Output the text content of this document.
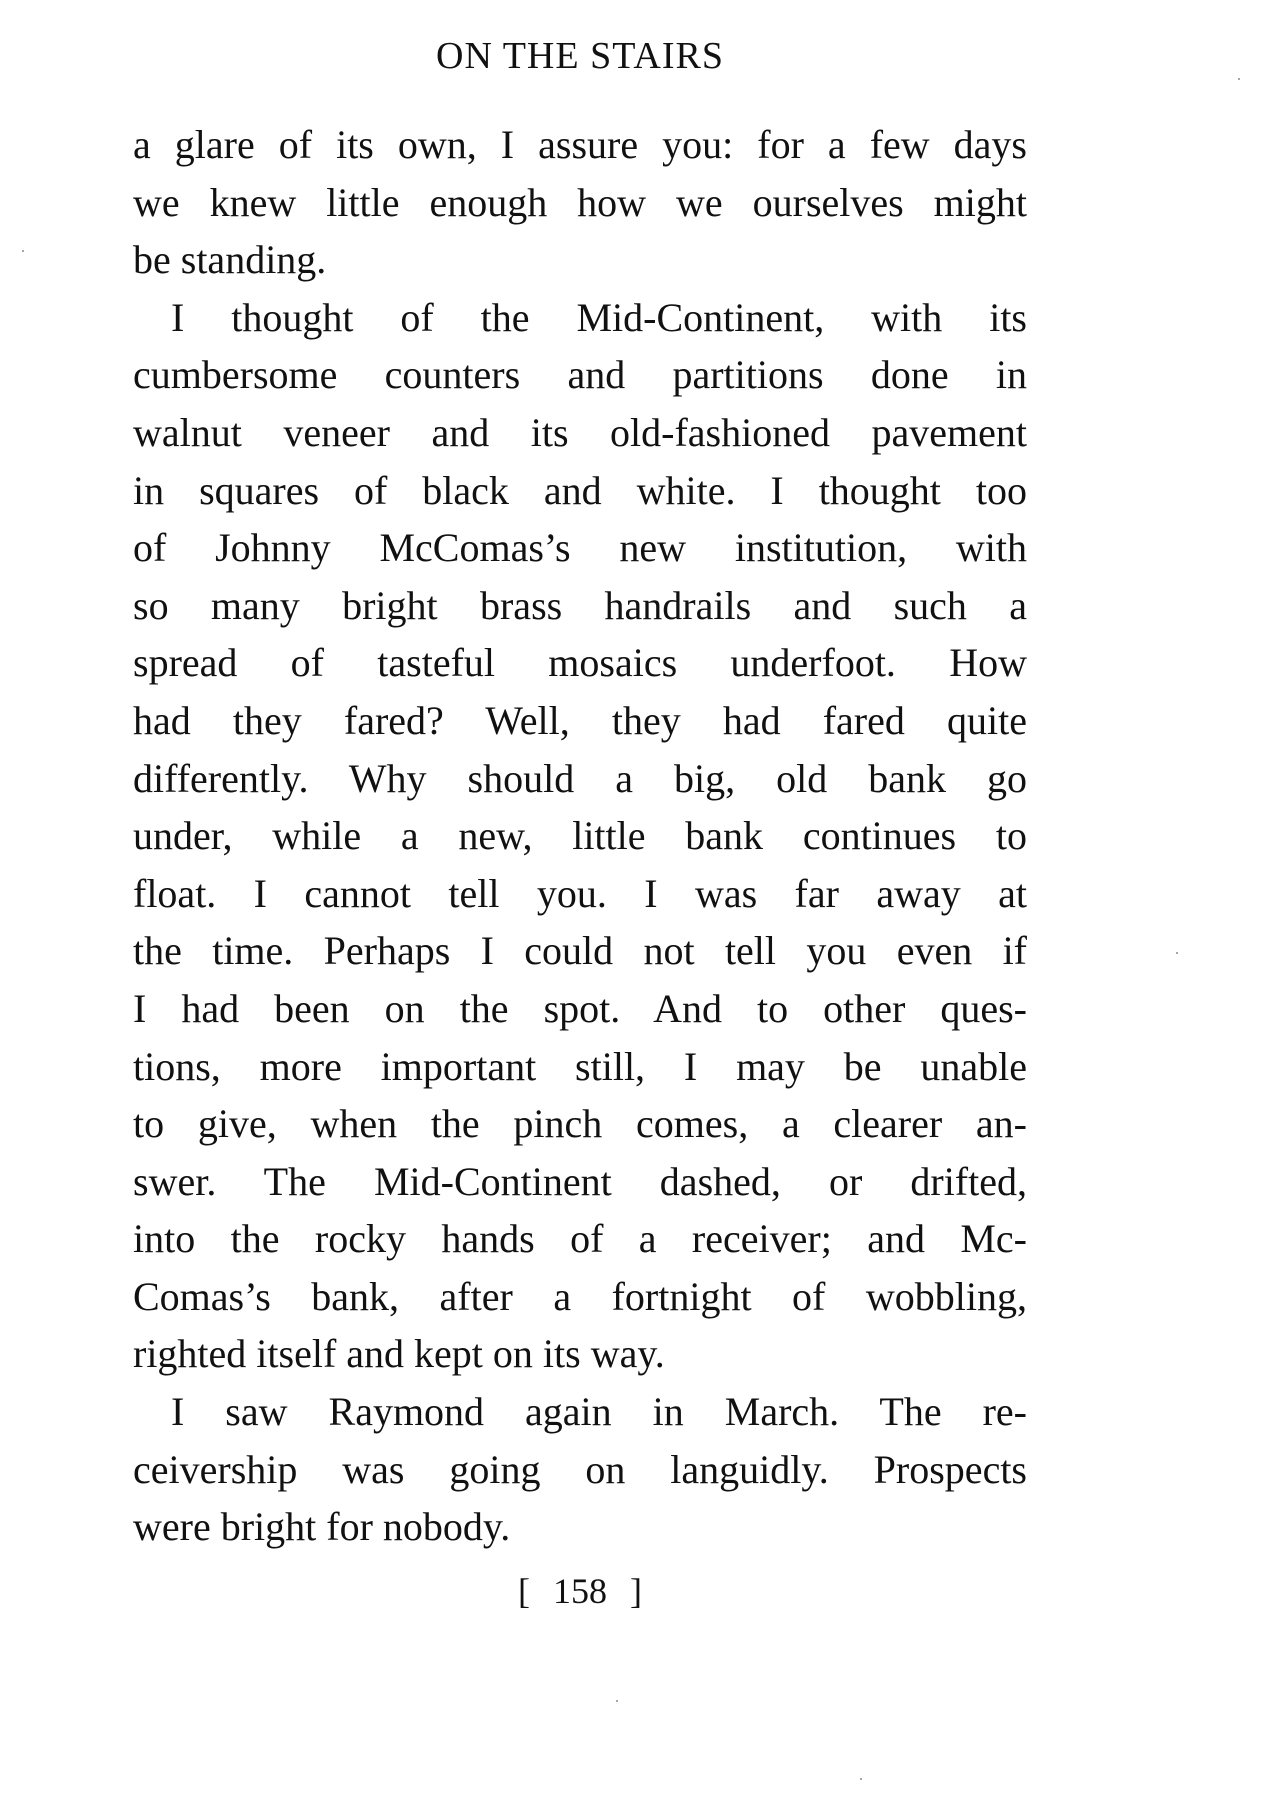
ON THE STAIRS
a glare of its own, I assure you: for a few days
we knew little enough how we ourselves might
be standing.
I thought of the Mid-Continent, with its
cumbersome counters and partitions done in
walnut veneer and its old-fashioned pavement
in squares of black and white. I thought too
of Johnny McComas’s new institution, with
so many bright brass handrails and such a
spread of tasteful mosaics underfoot. How
had they fared? Well, they had fared quite
differently. Why should a big, old bank go
under, while a new, little bank continues to
float. I cannot tell you. I was far away at
the time. Perhaps I could not tell you even if
I had been on the spot. And to other ques-
tions, more important still, I may be unable
to give, when the pinch comes, a clearer an-
swer. The Mid-Continent dashed, or drifted,
into the rocky hands of a receiver; and Mc-
Comas’s bank, after a fortnight of wobbling,
righted itself and kept on its way.
I saw Raymond again in March. The re-
ceivership was going on languidly. Prospects
were bright for nobody.
[ 158 ]
